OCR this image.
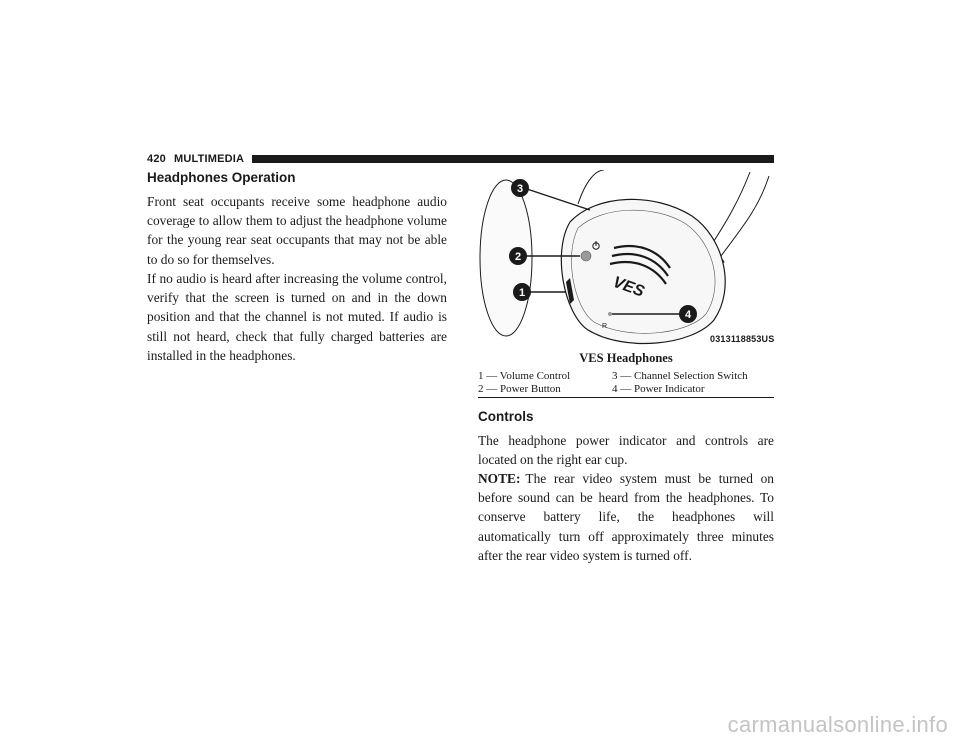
420 MULTIMEDIA
Headphones Operation

Front seat occupants receive some headphone audio coverage to allow them to adjust the headphone volume for the young rear seat occupants that may not be able to do so for themselves.

If no audio is heard after increasing the volume control, verify that the screen is turned on and in the down position and that the channel is not muted. If audio is still not heard, check that fully charged batteries are installed in the headphones.

VES
R
3
2
1
4
0313118853US
VES Headphones
1 — Volume Control	3 — Channel Selection Switch
2 — Power Button	4 — Power Indicator
Controls

The headphone power indicator and controls are located on the right ear cup.

NOTE: The rear video system must be turned on before sound can be heard from the headphones. To conserve battery life, the headphones will automatically turn off approximately three minutes after the rear video system is turned off.

carmanualsonline.info
